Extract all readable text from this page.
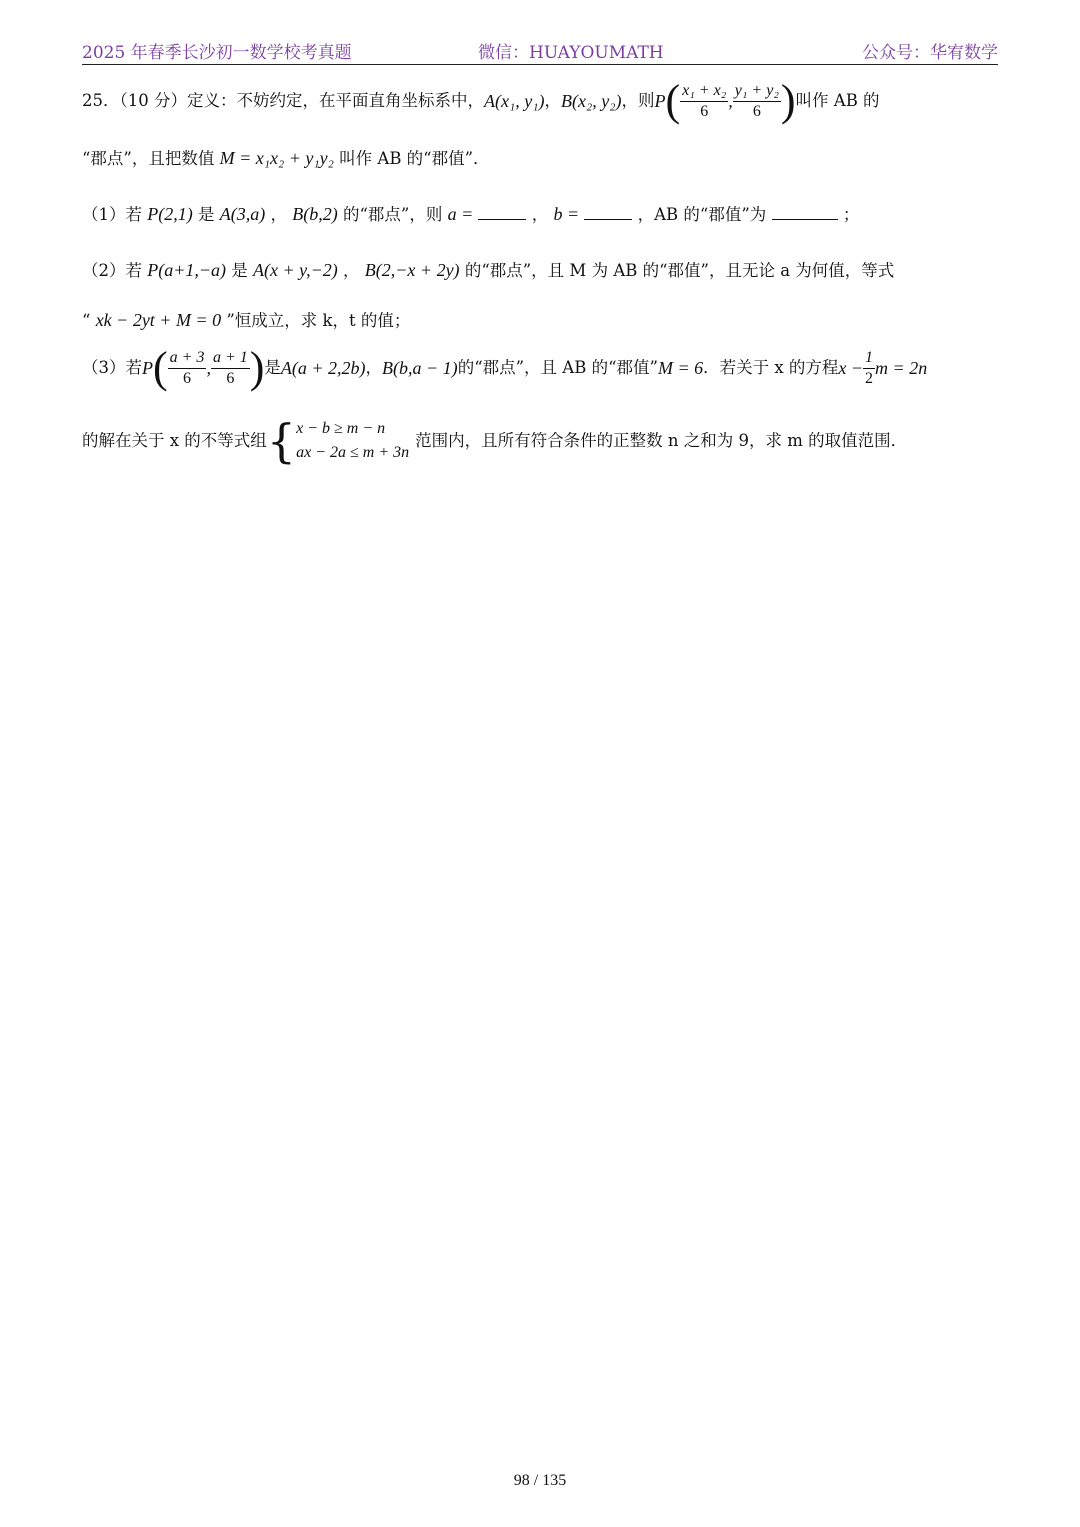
2025 年春季长沙初一数学校考真题	微信：HUAYOUMATH	公众号：华宥数学
25．（10 分）定义：不妨约定，在平面直角坐标系中， A(x₁, y₁) ， B(x₂, y₂) ，则 P ( $\frac{\text{x₁ + x₂}}{6}$ , $\frac{\text{y₁ + y₂}}{6}$ ) 叫作 AB 的
“郡点”，且把数值 M = x₁x₂ + y₁y₂ 叫作 AB 的“郡值”．
（1）若 P(2,1) 是 A(3,a) ， B(b,2) 的“郡点”，则 a =	， b =	，AB 的“郡值”为	；
（2）若 P(a+1,−a) 是 A(x + y,−2) ， B(2,−x + 2y) 的“郡点”，且 M 为 AB 的“郡值”，且无论 a 为何值，等式
“ xk − 2yt + M = 0 ”恒成立，求 k，t 的值；
（3）若 P ( $\frac{a + 3}{6}$ , $\frac{a + 1}{6}$ ) 是 A(a + 2,2b) ， B(b,a − 1) 的“郡点”，且 AB 的“郡值” M = 6 ．若关于 x 的方程 $x - \frac{1}{2}$ m = 2n
的解在关于 x 的不等式组 { x − b ≥ m − n
ax − 2a ≤ m + 3n
范围内，且所有符合条件的正整数 n 之和为 9，求 m 的取值范围．
98 / 135
